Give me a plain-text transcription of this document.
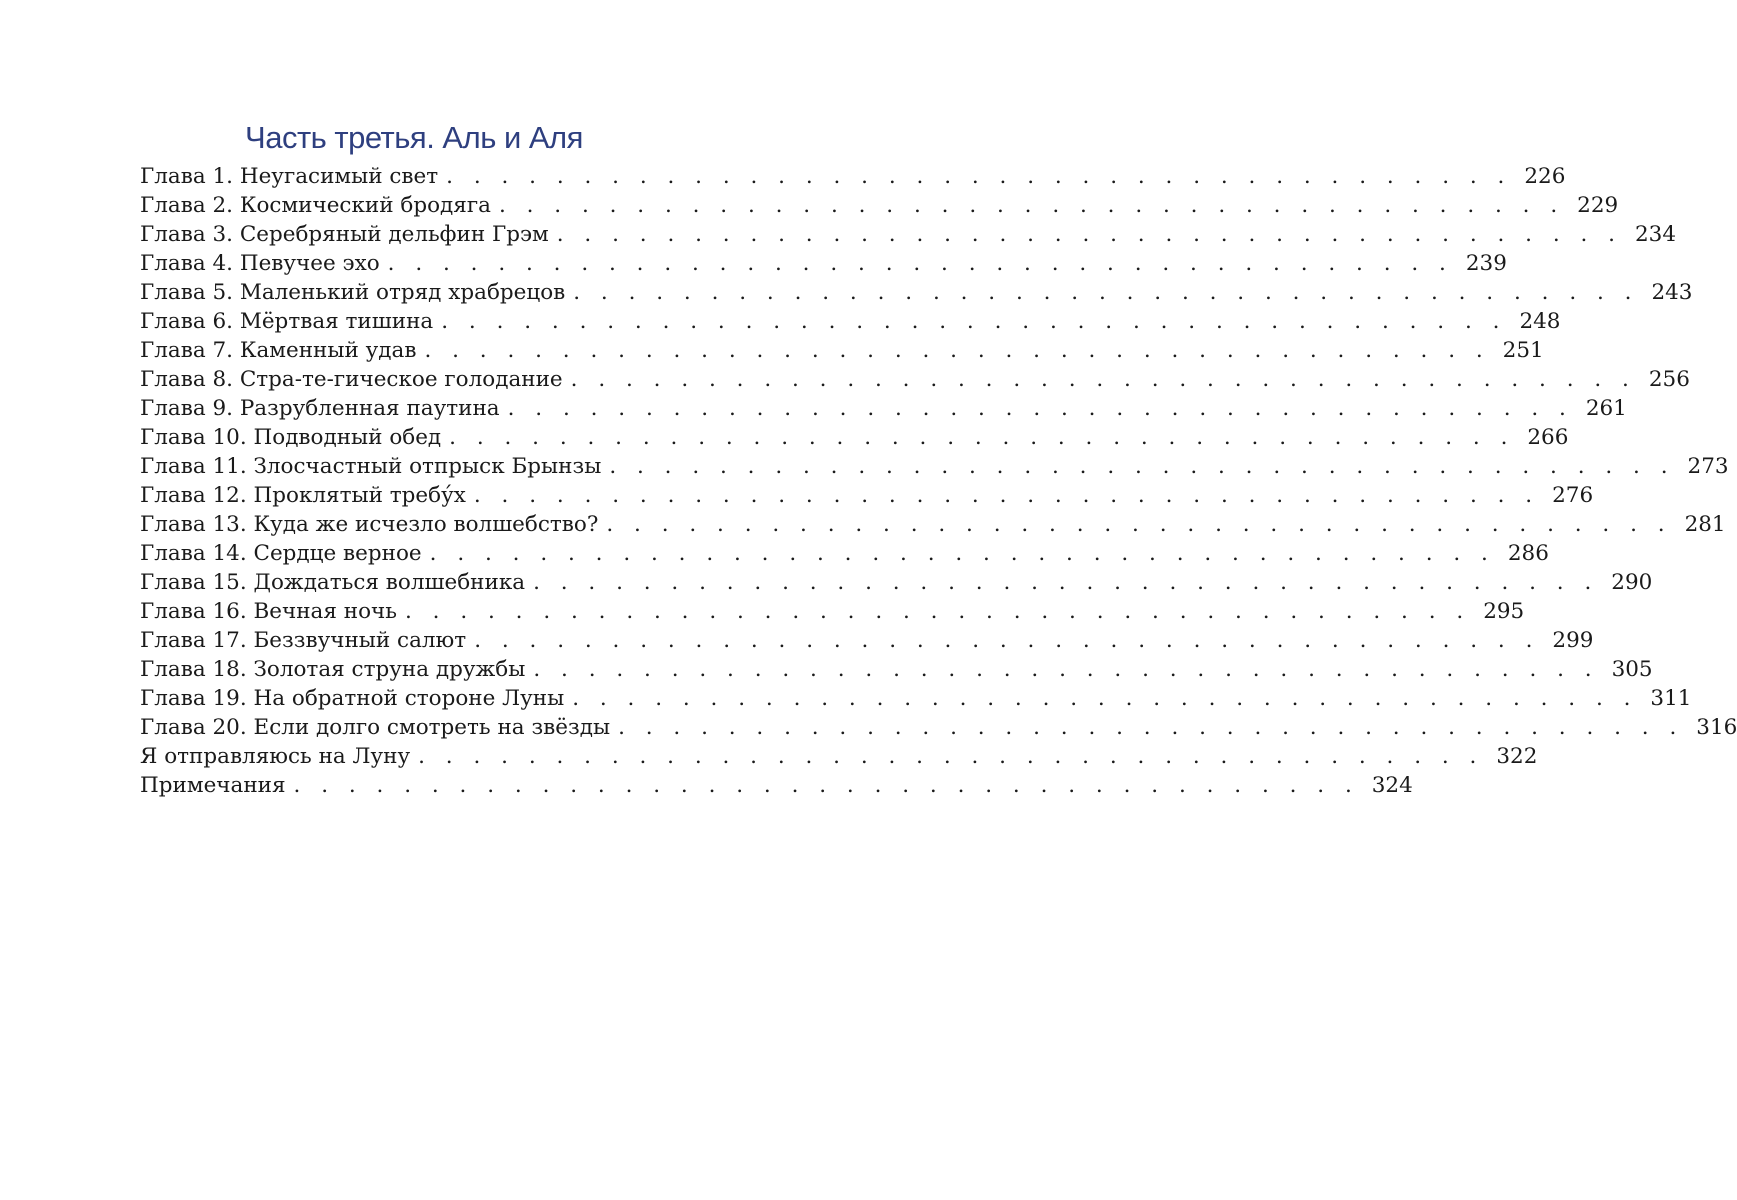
Часть третья. Аль и Аля
Глава 1. Неугасимый свет . . . . . . . . . . . . . . . . . . . . . . . . . . . . . . . . . . . . . . . 226
Глава 2. Космический бродяга . . . . . . . . . . . . . . . . . . . . . . . . . . . . . . . . . . . . . . . 229
Глава 3. Серебряный дельфин Грэм . . . . . . . . . . . . . . . . . . . . . . . . . . . . . . . . . . . . . . . 234
Глава 4. Певучее эхо . . . . . . . . . . . . . . . . . . . . . . . . . . . . . . . . . . . . . . . 239
Глава 5. Маленький отряд храбрецов . . . . . . . . . . . . . . . . . . . . . . . . . . . . . . . . . . . . . . . 243
Глава 6. Мёртвая тишина . . . . . . . . . . . . . . . . . . . . . . . . . . . . . . . . . . . . . . . 248
Глава 7. Каменный удав . . . . . . . . . . . . . . . . . . . . . . . . . . . . . . . . . . . . . . . 251
Глава 8. Стра-те-гическое голодание . . . . . . . . . . . . . . . . . . . . . . . . . . . . . . . . . . . . . . . 256
Глава 9. Разрубленная паутина . . . . . . . . . . . . . . . . . . . . . . . . . . . . . . . . . . . . . . . 261
Глава 10. Подводный обед . . . . . . . . . . . . . . . . . . . . . . . . . . . . . . . . . . . . . . . 266
Глава 11. Злосчастный отпрыск Брынзы . . . . . . . . . . . . . . . . . . . . . . . . . . . . . . . . . . . . . . . 273
Глава 12. Проклятый требу́х . . . . . . . . . . . . . . . . . . . . . . . . . . . . . . . . . . . . . . . 276
Глава 13. Куда же исчезло волшебство? . . . . . . . . . . . . . . . . . . . . . . . . . . . . . . . . . . . . . . . 281
Глава 14. Сердце верное . . . . . . . . . . . . . . . . . . . . . . . . . . . . . . . . . . . . . . . 286
Глава 15. Дождаться волшебника . . . . . . . . . . . . . . . . . . . . . . . . . . . . . . . . . . . . . . . 290
Глава 16. Вечная ночь . . . . . . . . . . . . . . . . . . . . . . . . . . . . . . . . . . . . . . . 295
Глава 17. Беззвучный салют . . . . . . . . . . . . . . . . . . . . . . . . . . . . . . . . . . . . . . . 299
Глава 18. Золотая струна дружбы . . . . . . . . . . . . . . . . . . . . . . . . . . . . . . . . . . . . . . . 305
Глава 19. На обратной стороне Луны . . . . . . . . . . . . . . . . . . . . . . . . . . . . . . . . . . . . . . . 311
Глава 20. Если долго смотреть на звёзды . . . . . . . . . . . . . . . . . . . . . . . . . . . . . . . . . . . . . . . 316
Я отправляюсь на Луну . . . . . . . . . . . . . . . . . . . . . . . . . . . . . . . . . . . . . . . 322
Примечания . . . . . . . . . . . . . . . . . . . . . . . . . . . . . . . . . . . . . . . 324
